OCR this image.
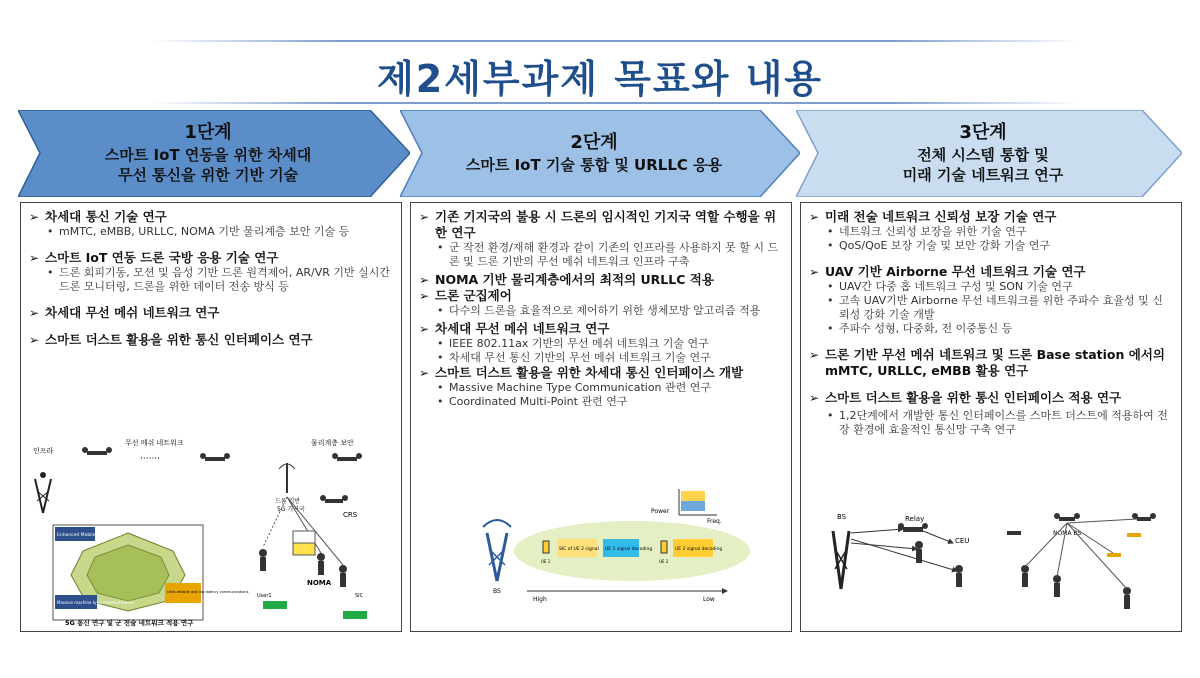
제2세부과제 목표와 내용
1단계
스마트 IoT 연동을 위한 차세대
무선 통신을 위한 기반 기술
2단계
스마트 IoT 기술 통합 및 URLLC 응용
3단계
전체 시스템 통합 및
미래 기술 네트워크 연구
➢ 차세대 통신 기술 연구
• mMTC, eMBB, URLLC, NOMA 기반 물리계층 보안 기술 등
➢ 스마트 IoT 연동 드론 국방 응용 기술 연구
• 드론 회피기동, 모션 및 음성 기반 드론 원격제어, AR/VR 기반 실시간 드론 모니터링, 드론을 위한 데이터 전송 방식 등
➢ 차세대 무선 메쉬 네트워크 연구
➢ 스마트 더스트 활용을 위한 통신 인터페이스 연구
인프라
무선 메쉬 네트워크	물리계층 보안
·······
드론 기반
5G 기지국
CRS
Enhanced Mobile Broadband
Massive machine type communication
Ultra-reliable and low latency communications
5G 통신 연구 및 군 전술 네트워크 적용 연구
NOMA
User1	SIC
➢ 기존 기지국의 불용 시 드론의 임시적인 기지국 역할 수행을 위한 연구
• 군 작전 환경/재해 환경과 같이 기존의 인프라를 사용하지 못 할 시 드론 및 드론 기반의 무선 메쉬 네트워크 인프라 구축
➢ NOMA 기반 물리계층에서의 최적의 URLLC 적용
➢ 드론 군집제어
• 다수의 드론을 효율적으로 제어하기 위한 생체모방 알고리즘 적용
➢ 차세대 무선 메쉬 네트워크 연구
• IEEE 802.11ax 기반의 무선 메쉬 네트워크 기술 연구
• 차세대 무선 통신 기반의 무선 메쉬 네트워크 기술 연구
➢ 스마트 더스트 활용을 위한 차세대 통신 인터페이스 개발
• Massive Machine Type Communication 관련 연구
• Coordinated Multi-Point 관련 연구
Power
Freq.
BS
UE 1
SIC of UE 2 signal UE 1 signal decoding
UE 2
UE 2 signal decoding
High	Low
➢ 미래 전술 네트워크 신뢰성 보장 기술 연구
• 네트워크 신뢰성 보장을 위한 기술 연구
• QoS/QoE 보장 기술 및 보안 강화 기술 연구
➢ UAV 기반 Airborne 무선 네트워크 기술 연구
• UAV간 다중 홉 네트워크 구성 및 SON 기술 연구
• 고속 UAV기반 Airborne 무선 네트워크를 위한 주파수 효율성 및 신뢰성 강화 기술 개발
• 주파수 성형, 다중화, 전 이중통신 등
➢ 드론 기반 무선 메쉬 네트워크 및 드론 Base station 에서의 mMTC, URLLC, eMBB 활용 연구
➢ 스마트 더스트 활용을 위한 통신 인터페이스 적용 연구
• 1,2단계에서 개발한 통신 인터페이스를 스마트 더스트에 적용하여 전장 환경에 효율적인 통신망 구축 연구
BS	Relay
CEU
NOMA BS
